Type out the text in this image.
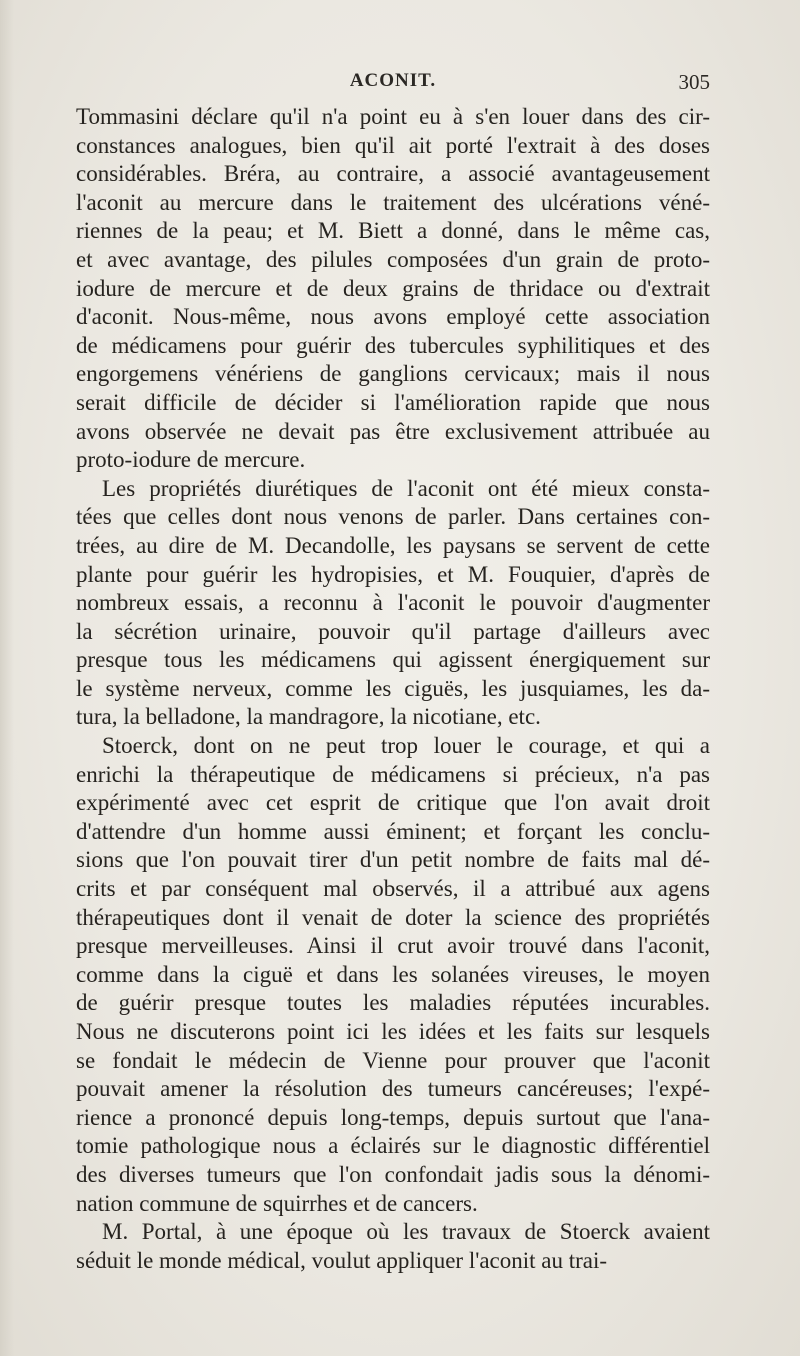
ACONIT.	305
Tommasini déclare qu'il n'a point eu à s'en louer dans des cir-
constances analogues, bien qu'il ait porté l'extrait à des doses
considérables. Bréra, au contraire, a associé avantageusement
l'aconit au mercure dans le traitement des ulcérations véné-
riennes de la peau; et M. Biett a donné, dans le même cas,
et avec avantage, des pilules composées d'un grain de proto-
iodure de mercure et de deux grains de thridace ou d'extrait
d'aconit. Nous-même, nous avons employé cette association
de médicamens pour guérir des tubercules syphilitiques et des
engorgemens vénériens de ganglions cervicaux; mais il nous
serait difficile de décider si l'amélioration rapide que nous
avons observée ne devait pas être exclusivement attribuée au
proto-iodure de mercure.
Les propriétés diurétiques de l'aconit ont été mieux consta-
tées que celles dont nous venons de parler. Dans certaines con-
trées, au dire de M. Decandolle, les paysans se servent de cette
plante pour guérir les hydropisies, et M. Fouquier, d'après de
nombreux essais, a reconnu à l'aconit le pouvoir d'augmenter
la sécrétion urinaire, pouvoir qu'il partage d'ailleurs avec
presque tous les médicamens qui agissent énergiquement sur
le système nerveux, comme les ciguës, les jusquiames, les da-
tura, la belladone, la mandragore, la nicotiane, etc.
Stoerck, dont on ne peut trop louer le courage, et qui a
enrichi la thérapeutique de médicamens si précieux, n'a pas
expérimenté avec cet esprit de critique que l'on avait droit
d'attendre d'un homme aussi éminent; et forçant les conclu-
sions que l'on pouvait tirer d'un petit nombre de faits mal dé-
crits et par conséquent mal observés, il a attribué aux agens
thérapeutiques dont il venait de doter la science des propriétés
presque merveilleuses. Ainsi il crut avoir trouvé dans l'aconit,
comme dans la ciguë et dans les solanées vireuses, le moyen
de guérir presque toutes les maladies réputées incurables.
Nous ne discuterons point ici les idées et les faits sur lesquels
se fondait le médecin de Vienne pour prouver que l'aconit
pouvait amener la résolution des tumeurs cancéreuses; l'expé-
rience a prononcé depuis long-temps, depuis surtout que l'ana-
tomie pathologique nous a éclairés sur le diagnostic différentiel
des diverses tumeurs que l'on confondait jadis sous la dénomi-
nation commune de squirrhes et de cancers.
M. Portal, à une époque où les travaux de Stoerck avaient
séduit le monde médical, voulut appliquer l'aconit au trai-
